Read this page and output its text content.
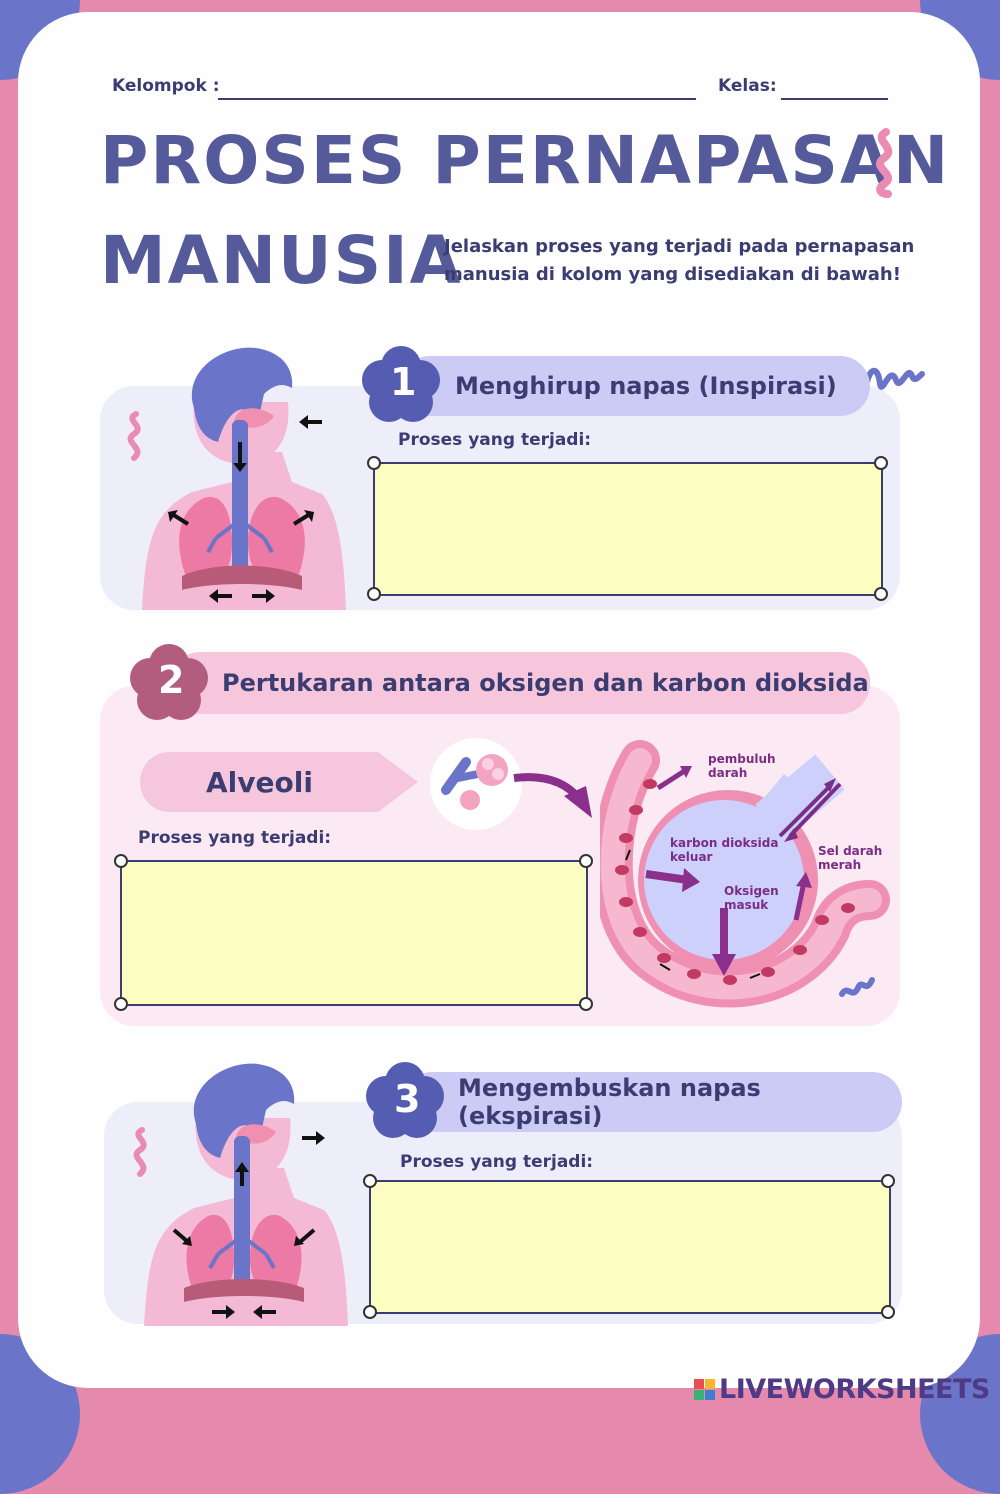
Kelompok :	Kelas:
PROSES PERNAPASAN
MANUSIA
Jelaskan proses yang terjadi pada pernapasan
manusia di kolom yang disediakan di bawah!
Menghirup napas (Inspirasi)
1
Proses yang terjadi:
Pertukaran antara oksigen dan karbon dioksida
2
Alveoli
Proses yang terjadi:
pembuluh
darah
karbon dioksida
keluar
Oksigen
masuk
Sel darah
merah
Mengembuskan napas (ekspirasi)
3
Proses yang terjadi:
LIVEWORKSHEETS
